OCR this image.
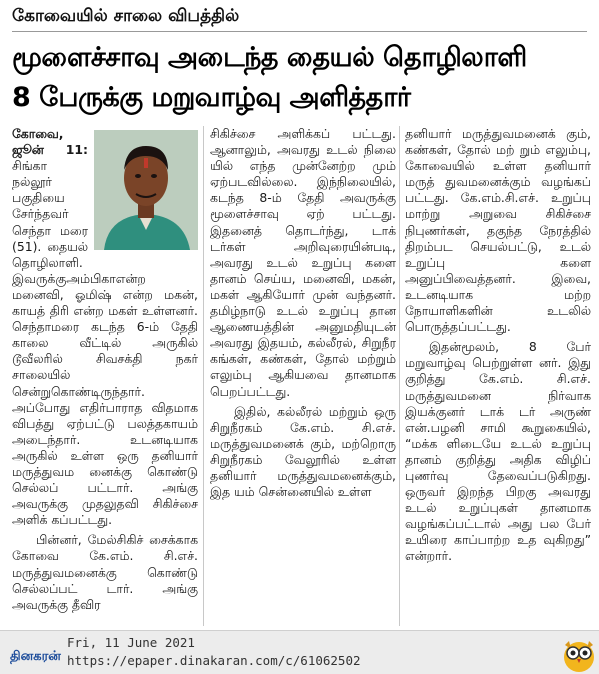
கோவையில் சாலை விபத்தில்
மூளைச்சாவு அடைந்த தையல் தொழிலாளி
8 பேருக்கு மறுவாழ்வு அளித்தார்

கோவை, ஜூன் 11: சிங்கா நல்லூர் பகுதியை சேர்ந்தவர் செந்தா மரை (51). தையல் தொழிலாளி. இவருக்குஅம்பிகாஎன்ற மனைவி, ஓமிஷ் என்ற மகன், காயத் திரி என்ற மகள் உள்ளனர். செந்தாமரை கடந்த 6-ம் தேதி காலை வீட்டில் அருகில் டூவீலரில் சிவசக்தி நகர் சாலையில் சென்றுகொண்டிருந்தார். அப்போது எதிர்பாராத விதமாக விபத்து ஏற்பட்டு பலத்தகாயம் அடைந்தார். உடனடியாக அருகில் உள்ள ஒரு தனியார் மருத்துவம னைக்கு கொண்டு செல்லப் பட்டார். அங்கு அவருக்கு முதலுதவி சிகிச்சை அளிக் கப்பட்டது.

பின்னர், மேல்சிகிச் சைக்காக கோவை கே.எம். சி.எச். மருத்துவமனைக்கு கொண்டு செல்லப்பட் டார். அங்கு அவருக்கு தீவிர

சிகிச்சை அளிக்கப் பட்டது. ஆனாலும், அவரது உடல் நிலை யில் எந்த முன்னேற்ற மும் ஏற்படவில்லை. இந்நிலையில், கடந்த 8-ம் தேதி அவருக்கு மூளைச்சாவு ஏற் பட்டது. இதனைத் தொடர்ந்து, டாக் டர்கள் அறிவுரையின்படி, அவரது உடல் உறுப்பு களை தானம் செய்ய, மனைவி, மகன், மகள் ஆகியோர் முன் வந்தனர். தமிழ்நாடு உடல் உறுப்பு தான ஆணையத்தின் அனுமதியுடன் அவரது இதயம், கல்லீரல், சிறுநீர கங்கள், கண்கள், தோல் மற்றும் எலும்பு ஆகியவை தானமாக பெறப்பட்டது.

இதில், கல்லீரல் மற்றும் ஒரு சிறுநீரகம் கே.எம். சி.எச். மருத்துவமனைக் கும், மற்றொரு சிறுநீரகம் வேலூரில் உள்ள தனியார் மருத்துவமனைக்கும், இத யம் சென்னையில் உள்ள

தனியார் மருத்துவமனைக் கும், கண்கள், தோல் மற் றும் எலும்பு, கோவையில் உள்ள தனியார் மருத் துவமனைக்கும் வழங்கப் பட்டது. கே.எம்.சி.எச். உறுப்பு மாற்று அறுவை சிகிச்சை நிபுணர்கள், தகுந்த நேரத்தில் திறம்பட செயல்பட்டு, உடல் உறுப்பு களை அனுப்பிவைத்தனர். இவை, உடனடியாக மற்ற நோயாளிகளின் உடலில் பொருத்தப்பட்டது.

இதன்மூலம், 8 பேர் மறுவாழ்வு பெற்றுள்ள னர். இது குறித்து கே.எம். சி.எச். மருத்துவமனை நிர்வாக இயக்குனர் டாக் டர் அருண் என்.பழனி சாமி கூறுகையில், “மக்க ளிடையே உடல் உறுப்பு தானம் குறித்து அதிக விழிப் புணர்வு தேவைப்படுகிறது. ஒருவர் இறந்த பிறகு அவரது உடல் உறுப்புகள் தானமாக வழங்கப்பட்டால் அது பல பேர் உயிரை காப்பாற்ற உத வுகிறது” என்றார்.

தினகரன்
Fri, 11 June 2021
https://epaper.dinakaran.com/c/61062502
